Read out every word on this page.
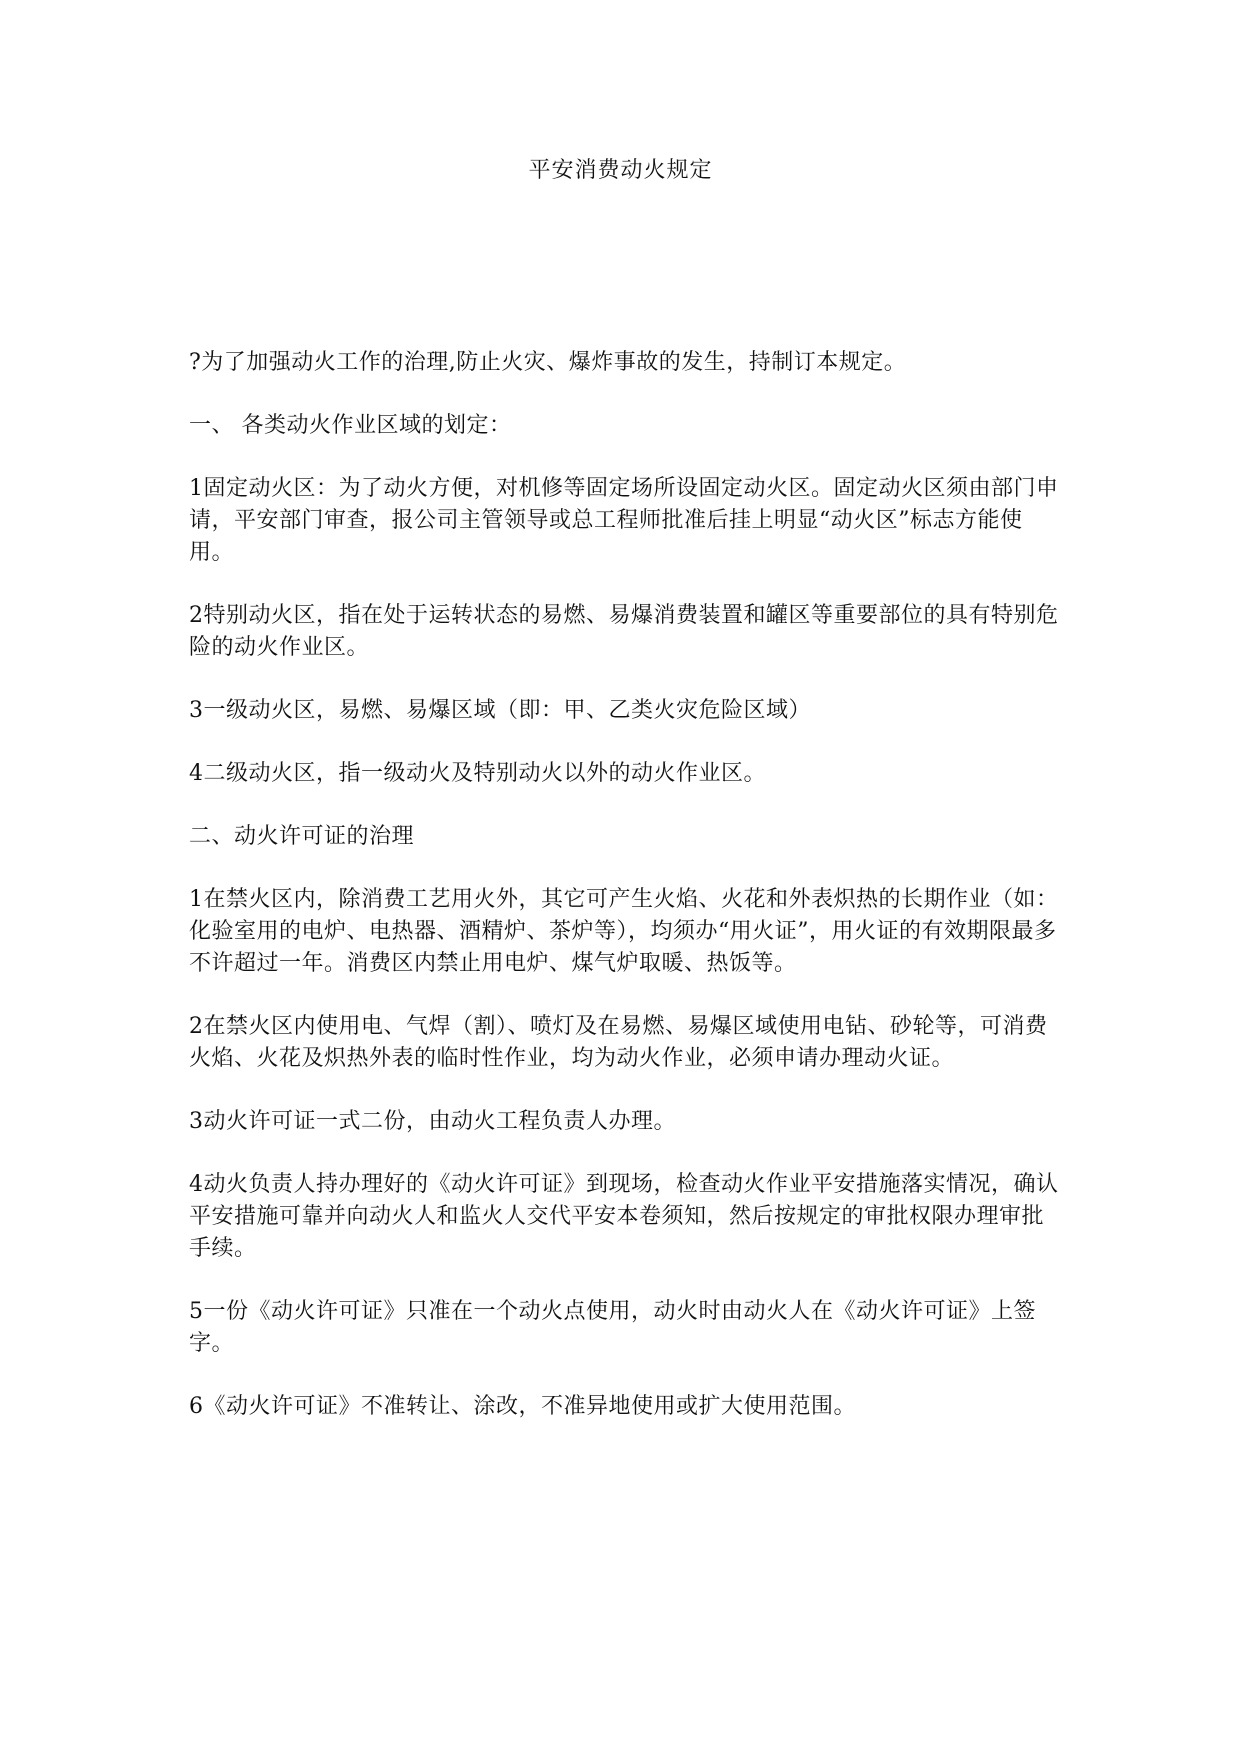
平安消费动火规定

?为了加强动火工作的治理,防止火灾、爆炸事故的发生，持制订本规定。

一、 各类动火作业区域的划定：

1固定动火区：为了动火方便，对机修等固定场所设固定动火区。固定动火区须由部门申请，平安部门审查，报公司主管领导或总工程师批准后挂上明显“动火区”标志方能使用。

2特别动火区，指在处于运转状态的易燃、易爆消费装置和罐区等重要部位的具有特别危险的动火作业区。

3一级动火区，易燃、易爆区域（即：甲、乙类火灾危险区域）

4二级动火区，指一级动火及特别动火以外的动火作业区。

二、动火许可证的治理

1在禁火区内，除消费工艺用火外，其它可产生火焰、火花和外表炽热的长期作业（如：化验室用的电炉、电热器、酒精炉、茶炉等），均须办“用火证”，用火证的有效期限最多不许超过一年。消费区内禁止用电炉、煤气炉取暖、热饭等。

2在禁火区内使用电、气焊（割）、喷灯及在易燃、易爆区域使用电钻、砂轮等，可消费火焰、火花及炽热外表的临时性作业，均为动火作业，必须申请办理动火证。

3动火许可证一式二份，由动火工程负责人办理。

4动火负责人持办理好的《动火许可证》到现场，检查动火作业平安措施落实情况，确认平安措施可靠并向动火人和监火人交代平安本卷须知，然后按规定的审批权限办理审批手续。

5一份《动火许可证》只准在一个动火点使用，动火时由动火人在《动火许可证》上签字。

6《动火许可证》不准转让、涂改，不准异地使用或扩大使用范围。
